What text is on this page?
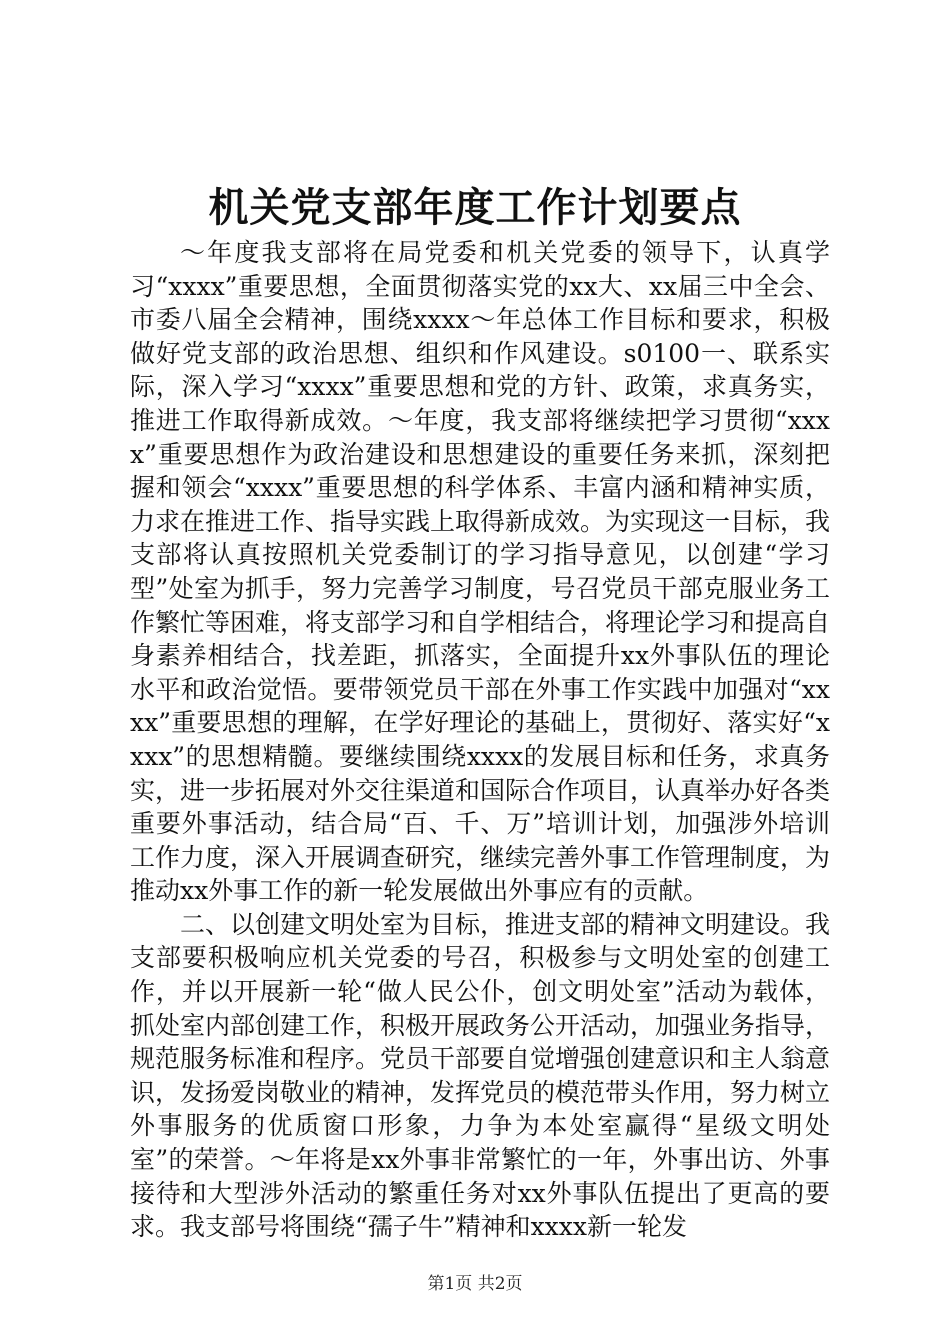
机关党支部年度工作计划要点

～年度我支部将在局党委和机关党委的领导下，认真学习“xxxx”重要思想，全面贯彻落实党的xx大、xx届三中全会、市委八届全会精神，围绕xxxx～年总体工作目标和要求，积极做好党支部的政治思想、组织和作风建设。s0100一、联系实际，深入学习“xxxx”重要思想和党的方针、政策，求真务实，推进工作取得新成效。～年度，我支部将继续把学习贯彻“xxxx”重要思想作为政治建设和思想建设的重要任务来抓，深刻把握和领会“xxxx”重要思想的科学体系、丰富内涵和精神实质，力求在推进工作、指导实践上取得新成效。为实现这一目标，我支部将认真按照机关党委制订的学习指导意见，以创建“学习型”处室为抓手，努力完善学习制度，号召党员干部克服业务工作繁忙等困难，将支部学习和自学相结合，将理论学习和提高自身素养相结合，找差距，抓落实，全面提升xx外事队伍的理论水平和政治觉悟。要带领党员干部在外事工作实践中加强对“xxxx”重要思想的理解，在学好理论的基础上，贯彻好、落实好“xxxx”的思想精髓。要继续围绕xxxx的发展目标和任务，求真务实，进一步拓展对外交往渠道和国际合作项目，认真举办好各类重要外事活动，结合局“百、千、万”培训计划，加强涉外培训工作力度，深入开展调查研究，继续完善外事工作管理制度，为推动xx外事工作的新一轮发展做出外事应有的贡献。

二、以创建文明处室为目标，推进支部的精神文明建设。我支部要积极响应机关党委的号召，积极参与文明处室的创建工作，并以开展新一轮“做人民公仆，创文明处室”活动为载体，抓处室内部创建工作，积极开展政务公开活动，加强业务指导，规范服务标准和程序。党员干部要自觉增强创建意识和主人翁意识，发扬爱岗敬业的精神，发挥党员的模范带头作用，努力树立外事服务的优质窗口形象，力争为本处室赢得“星级文明处室”的荣誉。～年将是xx外事非常繁忙的一年，外事出访、外事接待和大型涉外活动的繁重任务对xx外事队伍提出了更高的要求。我支部号将围绕“孺子牛”精神和xxxx新一轮发

第1页 共2页
